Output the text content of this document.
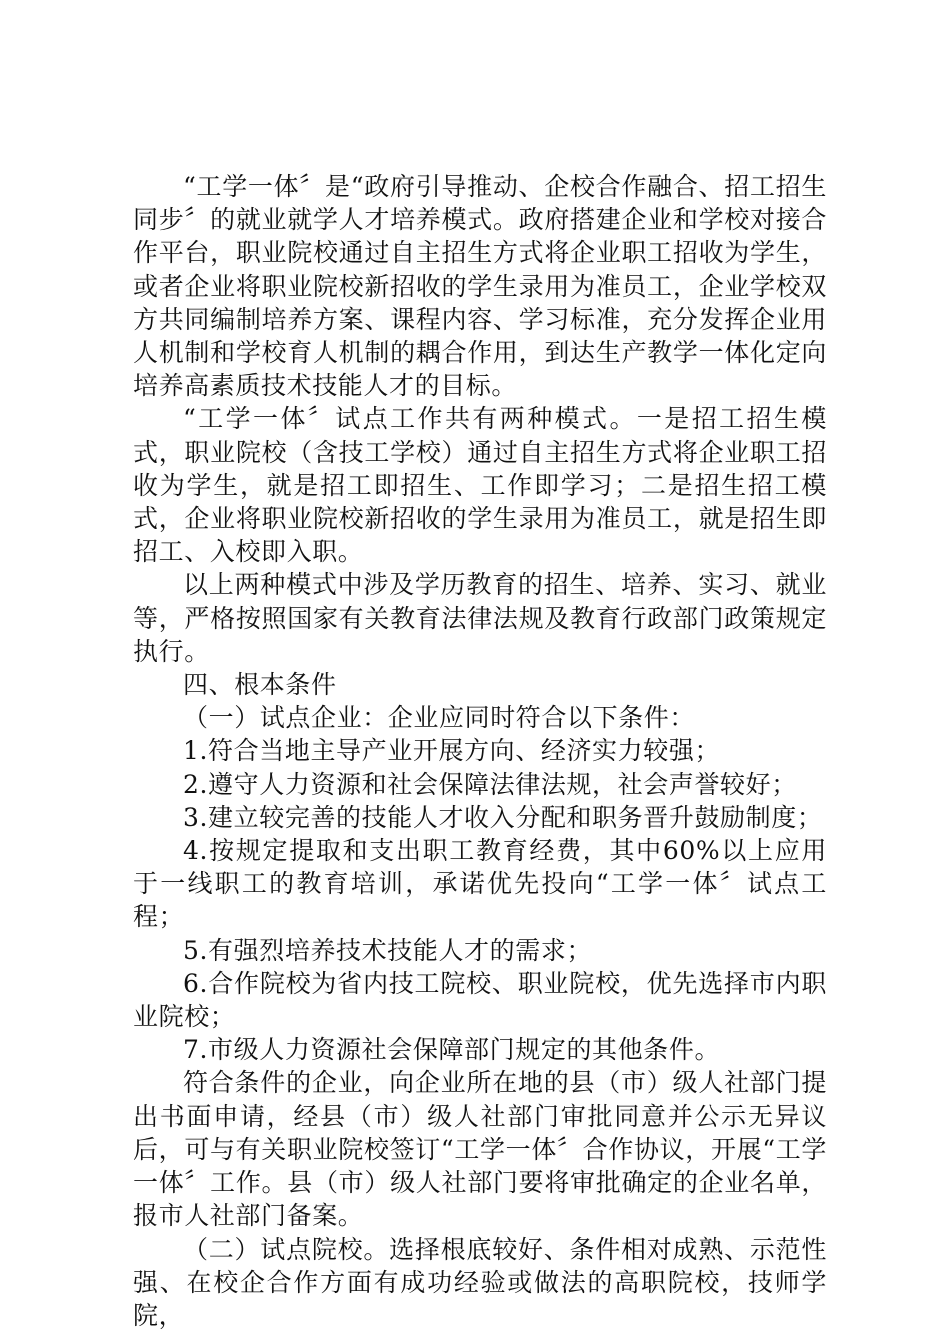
“工学一体〞是“政府引导推动、企校合作融合、招工招生同步〞的就业就学人才培养模式。政府搭建企业和学校对接合作平台，职业院校通过自主招生方式将企业职工招收为学生，或者企业将职业院校新招收的学生录用为准员工，企业学校双方共同编制培养方案、课程内容、学习标准，充分发挥企业用人机制和学校育人机制的耦合作用，到达生产教学一体化定向培养高素质技术技能人才的目标。

“工学一体〞试点工作共有两种模式。一是招工招生模式，职业院校（含技工学校）通过自主招生方式将企业职工招收为学生，就是招工即招生、工作即学习；二是招生招工模式，企业将职业院校新招收的学生录用为准员工，就是招生即招工、入校即入职。

以上两种模式中涉及学历教育的招生、培养、实习、就业等，严格按照国家有关教育法律法规及教育行政部门政策规定执行。

四、根本条件

（一）试点企业：企业应同时符合以下条件：

1.符合当地主导产业开展方向、经济实力较强；

2.遵守人力资源和社会保障法律法规，社会声誉较好；

3.建立较完善的技能人才收入分配和职务晋升鼓励制度；

4.按规定提取和支出职工教育经费，其中60%以上应用于一线职工的教育培训，承诺优先投向“工学一体〞试点工程；

5.有强烈培养技术技能人才的需求；

6.合作院校为省内技工院校、职业院校，优先选择市内职业院校；

7.市级人力资源社会保障部门规定的其他条件。

符合条件的企业，向企业所在地的县（市）级人社部门提出书面申请，经县（市）级人社部门审批同意并公示无异议后，可与有关职业院校签订“工学一体〞合作协议，开展“工学一体〞工作。县（市）级人社部门要将审批确定的企业名单，报市人社部门备案。

（二）试点院校。选择根底较好、条件相对成熟、示范性强、在校企合作方面有成功经验或做法的高职院校，技师学院，
